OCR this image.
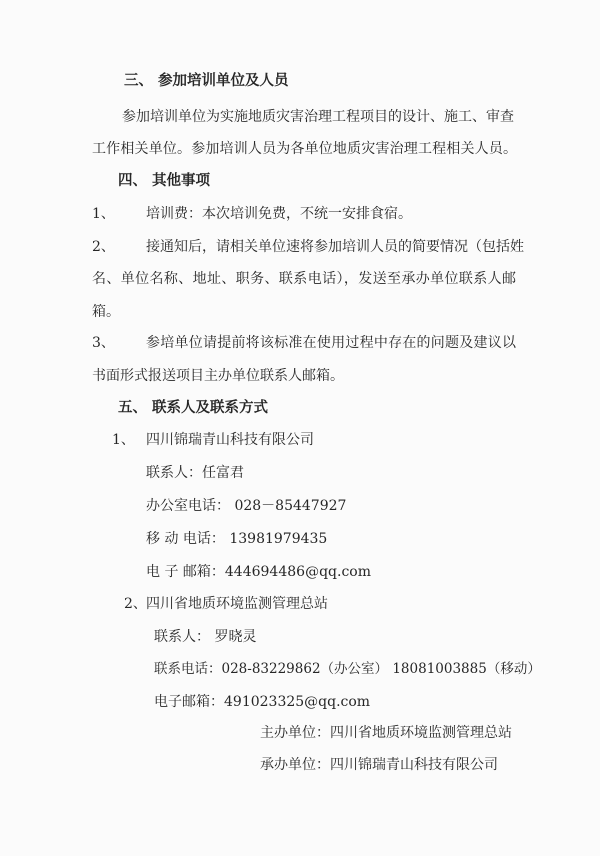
三、 参加培训单位及人员
参加培训单位为实施地质灾害治理工程项目的设计、施工、审查
工作相关单位。参加培训人员为各单位地质灾害治理工程相关人员。
四、 其他事项
1、 培训费：本次培训免费，不统一安排食宿。
2、 接通知后，请相关单位速将参加培训人员的简要情况（包括姓
名、单位名称、地址、职务、联系电话），发送至承办单位联系人邮
箱。
3、 参培单位请提前将该标准在使用过程中存在的问题及建议以
书面形式报送项目主办单位联系人邮箱。
五、 联系人及联系方式
1、 四川锦瑞青山科技有限公司
联系人：任富君
办公室电话： 028－85447927
移 动 电话： 13981979435
电 子 邮箱：444694486@qq.com
2、 四川省地质环境监测管理总站
联系人： 罗晓灵
联系电话：028-83229862（办公室） 18081003885（移动）
电子邮箱：491023325@qq.com
主办单位：四川省地质环境监测管理总站
承办单位：四川锦瑞青山科技有限公司
